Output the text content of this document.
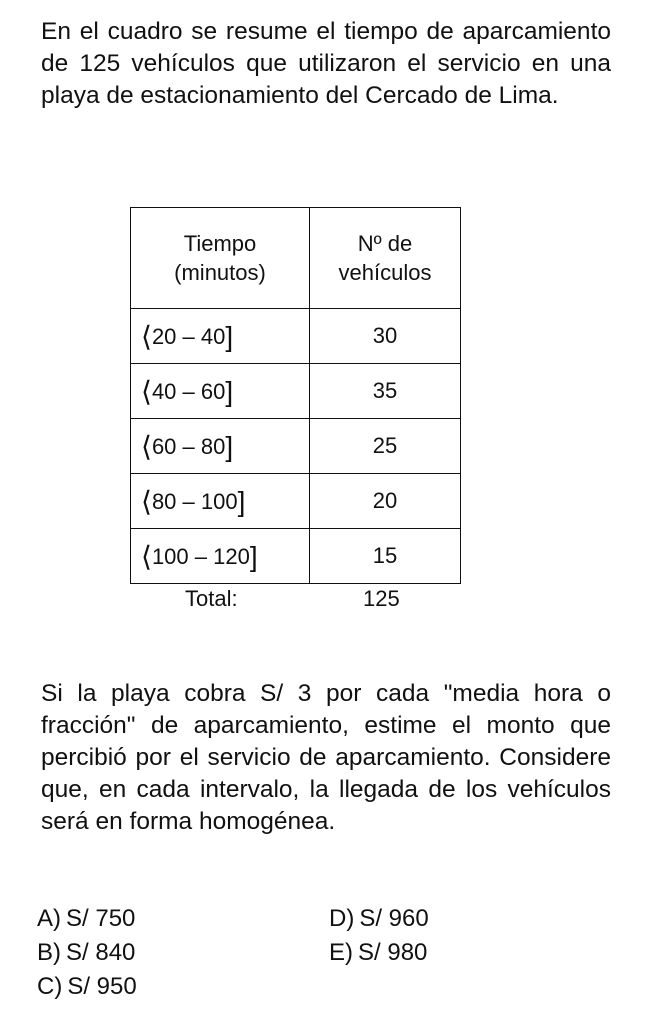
En el cuadro se resume el tiempo de aparcamiento de 125 vehículos que utilizaron el servicio en una playa de estacionamiento del Cercado de Lima.

Tiempo
(minutos)	Nº de
vehículos
⟨20 – 40]	30
⟨40 – 60]	35
⟨60 – 80]	25
⟨80 – 100]	20
⟨100 – 120]	15
Total:	125

Si la playa cobra S/ 3 por cada "media hora o fracción" de aparcamiento, estime el monto que percibió por el servicio de aparcamiento. Considere que, en cada intervalo, la llegada de los vehículos será en forma homogénea.

A) S/ 750
B) S/ 840
C) S/ 950
D) S/ 960
E) S/ 980
